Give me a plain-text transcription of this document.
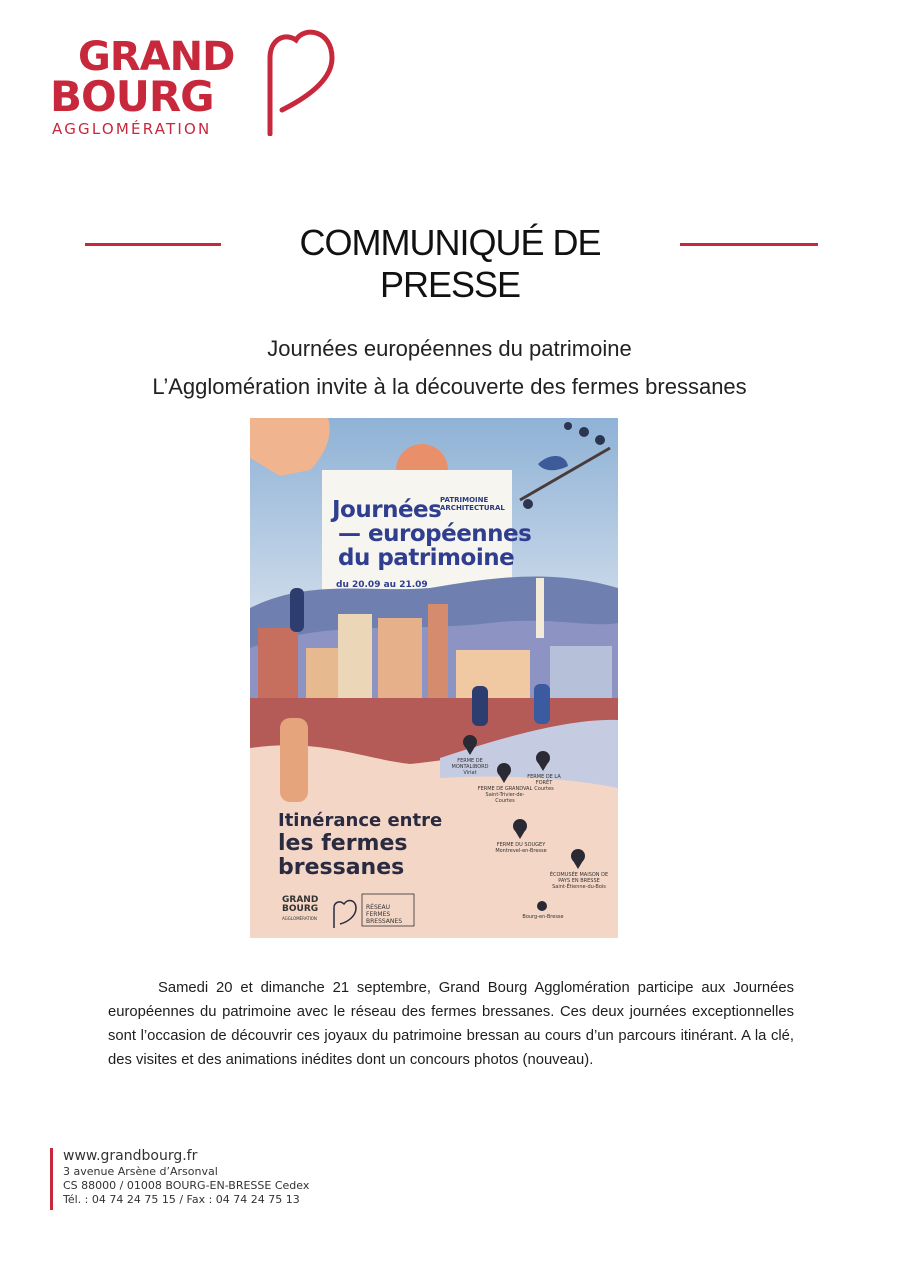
GRAND
BOURG
AGGLOMÉRATION
COMMUNIQUÉ DE PRESSE
Journées européennes du patrimoine
L’Agglomération invite à la découverte des fermes bressanes
PATRIMOINE
ARCHITECTURAL
Journées
— européennes
du patrimoine
du 20.09 au 21.09
Itinérance entre
les fermes
bressanes
FERME DE MONTALIBORD
Viriat
FERME DE GRANDVAL
Saint-Trivier-de-Courtes
FERME DE LA FORÊT
Courtes
FERME DU SOUGEY
Montrevel-en-Bresse
ÉCOMUSÉE MAISON DE PAYS EN BRESSE
Saint-Étienne-du-Bois
Bourg-en-Bresse
GRAND
BOURG
AGGLOMÉRATION
RÉSEAU
FERMES
BRESSANES
Samedi 20 et dimanche 21 septembre, Grand Bourg Agglomération participe aux Journées européennes du patrimoine avec le réseau des fermes bressanes. Ces deux journées exceptionnelles sont l’occasion de découvrir ces joyaux du patrimoine bressan au cours d’un parcours itinérant. A la clé, des visites et des animations inédites dont un concours photos (nouveau).
www.grandbourg.fr
3 avenue Arsène d’Arsonval
CS 88000 / 01008 BOURG-EN-BRESSE Cedex
Tél. : 04 74 24 75 15 / Fax : 04 74 24 75 13
